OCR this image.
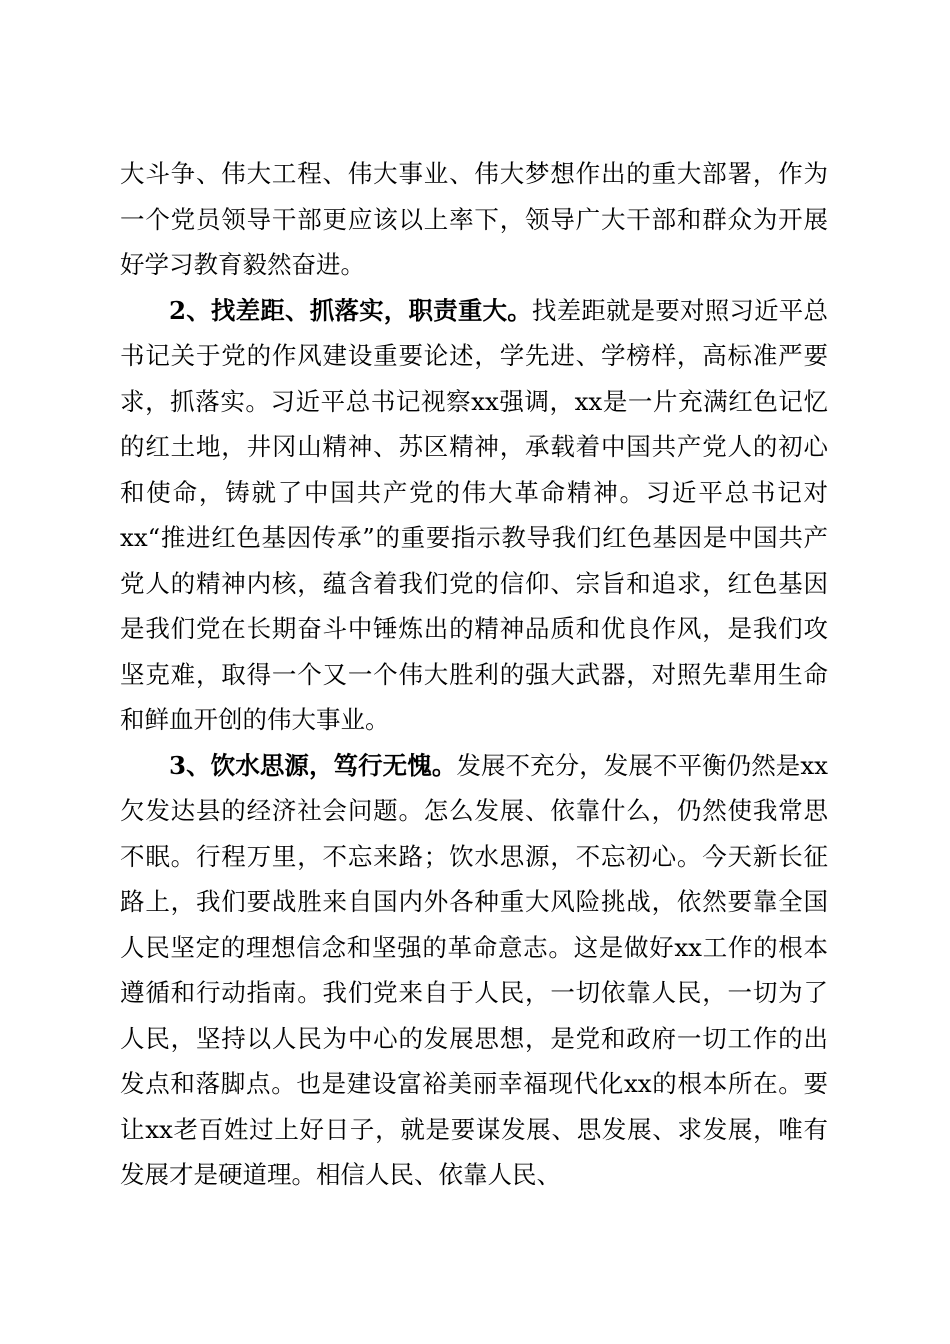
大斗争、伟大工程、伟大事业、伟大梦想作出的重大部署，作为一个党员领导干部更应该以上率下，领导广大干部和群众为开展好学习教育毅然奋进。

2、找差距、抓落实，职责重大。找差距就是要对照习近平总书记关于党的作风建设重要论述，学先进、学榜样，高标准严要求，抓落实。习近平总书记视察xx强调，xx是一片充满红色记忆的红土地，井冈山精神、苏区精神，承载着中国共产党人的初心和使命，铸就了中国共产党的伟大革命精神。习近平总书记对xx“推进红色基因传承”的重要指示教导我们红色基因是中国共产党人的精神内核，蕴含着我们党的信仰、宗旨和追求，红色基因是我们党在长期奋斗中锤炼出的精神品质和优良作风，是我们攻坚克难，取得一个又一个伟大胜利的强大武器，对照先辈用生命和鲜血开创的伟大事业。

3、饮水思源，笃行无愧。发展不充分，发展不平衡仍然是xx欠发达县的经济社会问题。怎么发展、依靠什么，仍然使我常思不眠。行程万里，不忘来路；饮水思源，不忘初心。今天新长征路上，我们要战胜来自国内外各种重大风险挑战，依然要靠全国人民坚定的理想信念和坚强的革命意志。这是做好xx工作的根本遵循和行动指南。我们党来自于人民，一切依靠人民，一切为了人民，坚持以人民为中心的发展思想，是党和政府一切工作的出发点和落脚点。也是建设富裕美丽幸福现代化xx的根本所在。要让xx老百姓过上好日子，就是要谋发展、思发展、求发展，唯有发展才是硬道理。相信人民、依靠人民、
